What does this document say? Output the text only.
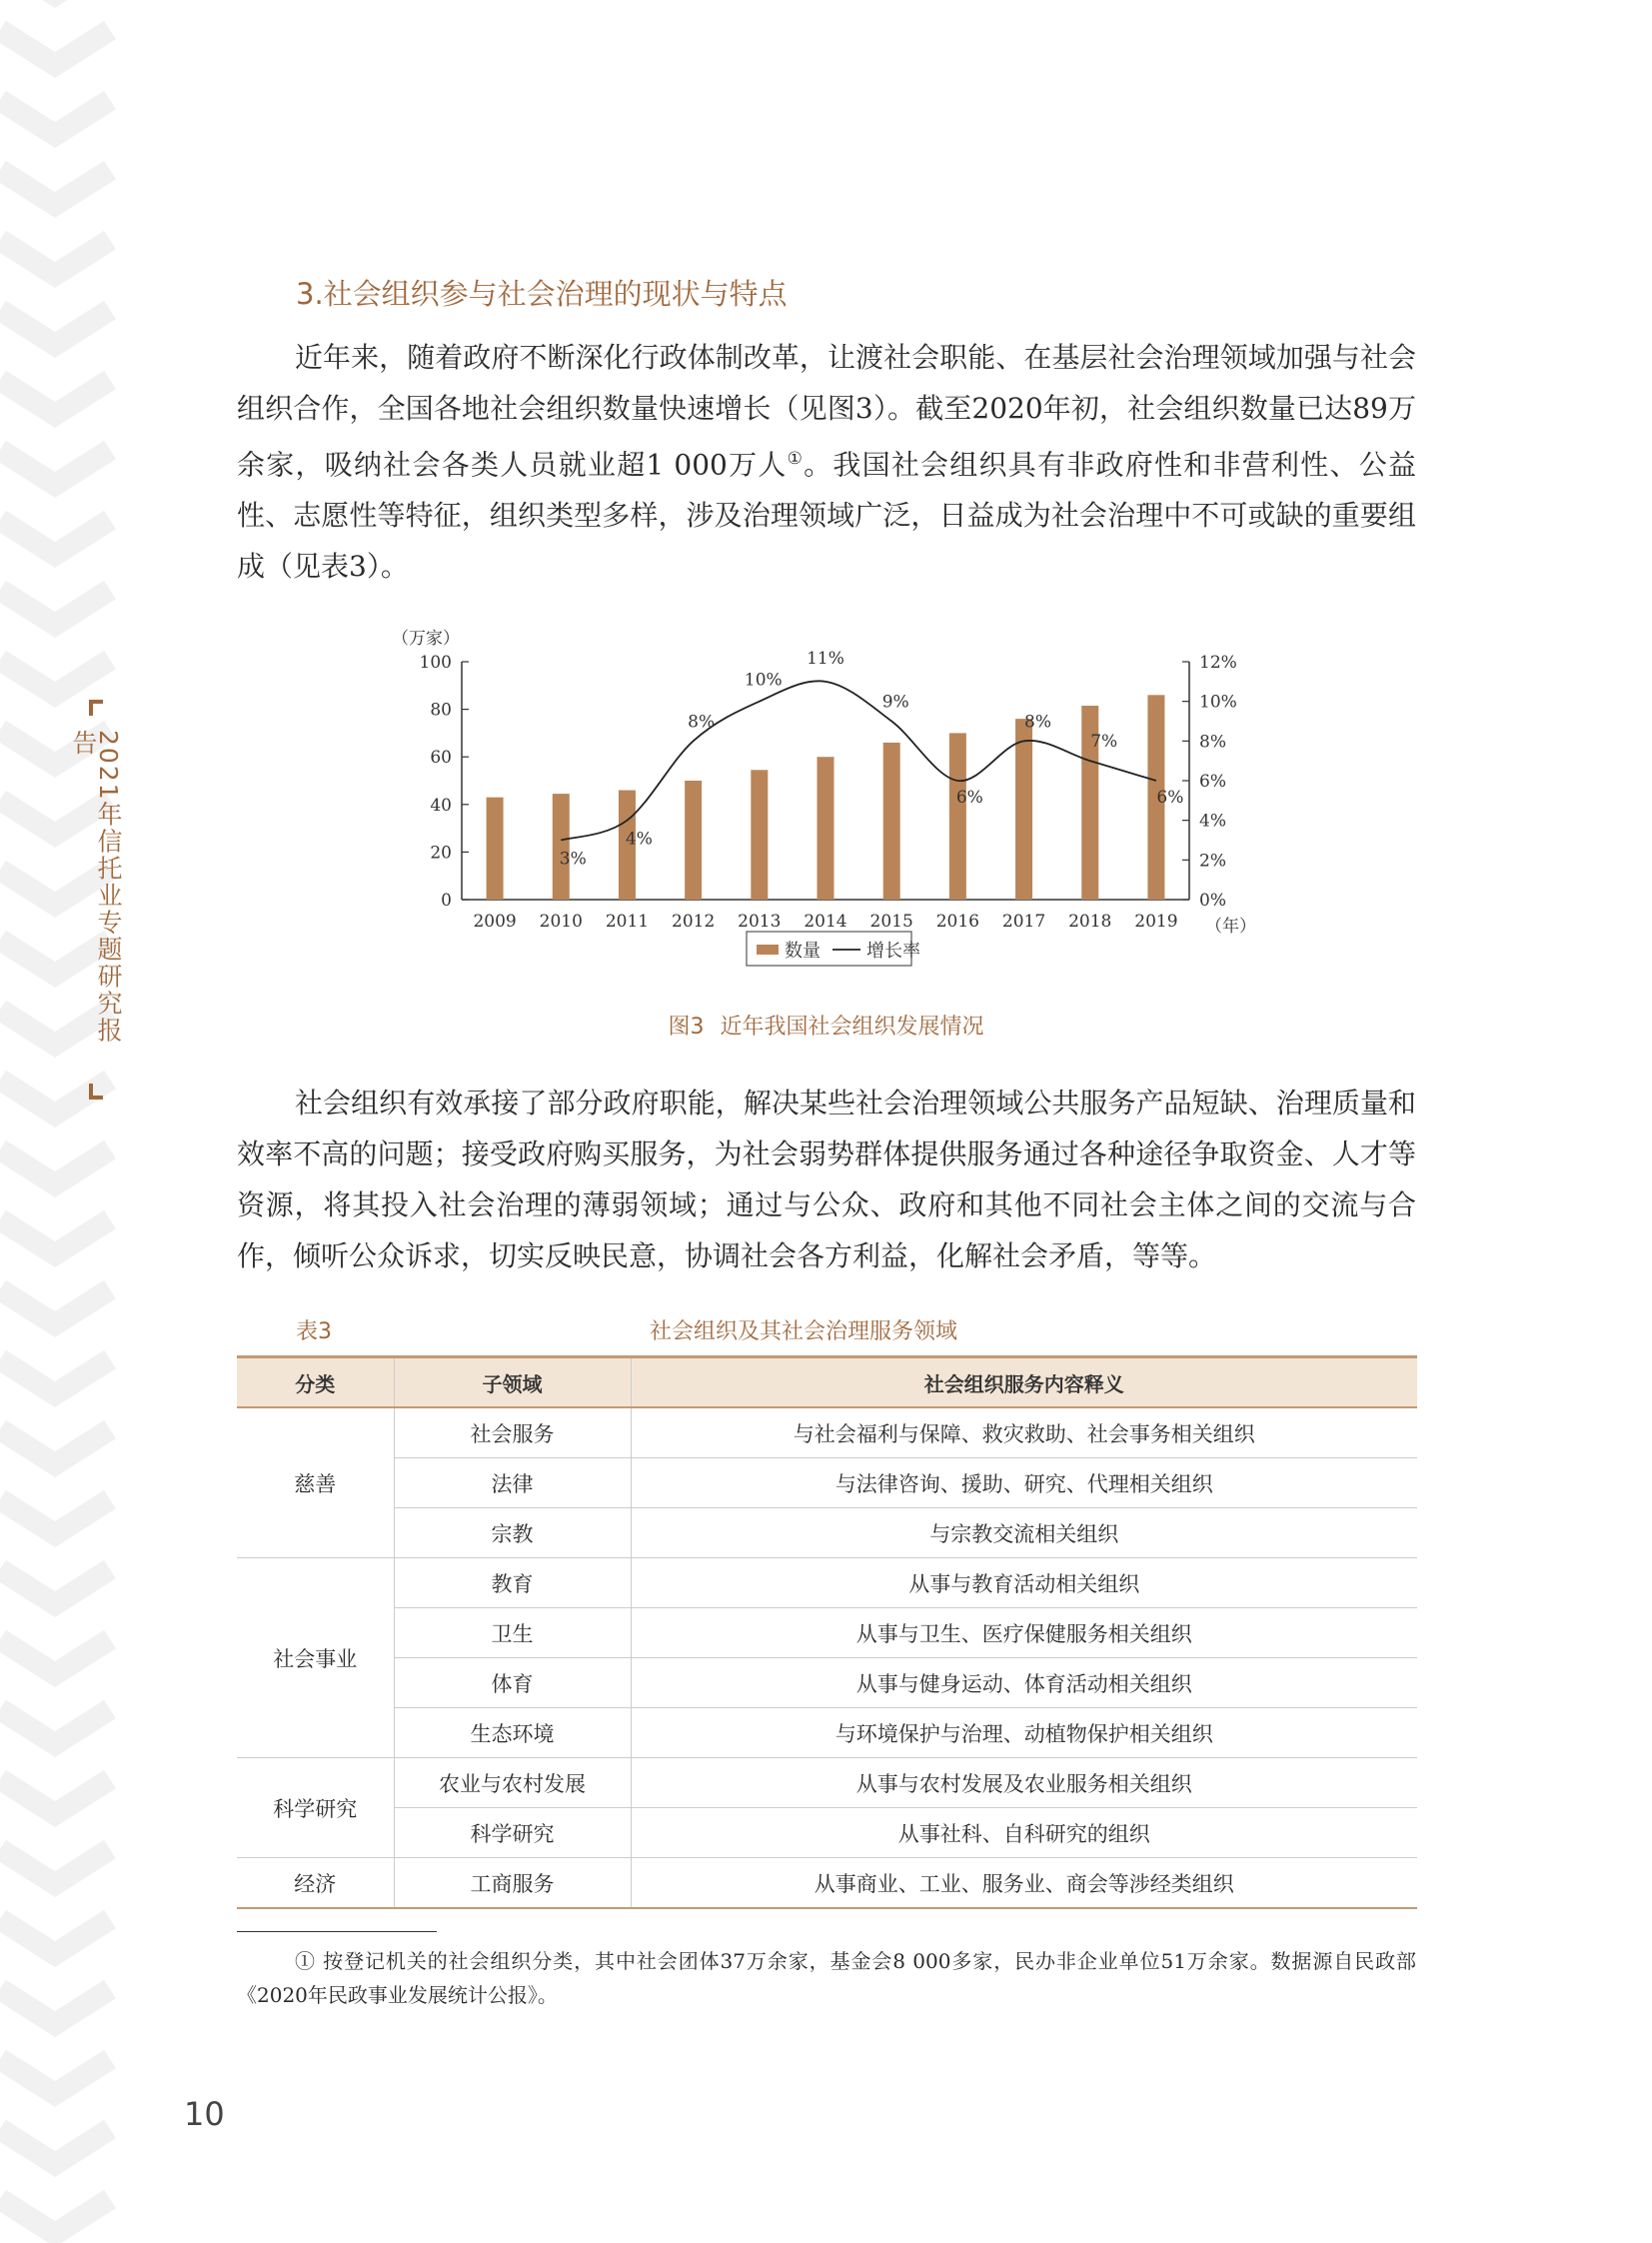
2021年信托业专题研究报告
3.社会组织参与社会治理的现状与特点

近年来，随着政府不断深化行政体制改革，让渡社会职能、在基层社会治理领域加强与社会组织合作，全国各地社会组织数量快速增长（见图3）。截至2020年初，社会组织数量已达89万余家，吸纳社会各类人员就业超1 000万人①。我国社会组织具有非政府性和非营利性、公益性、志愿性等特征，组织类型多样，涉及治理领域广泛，日益成为社会治理中不可或缺的重要组成（见表3）。

0
20
40
60
80
100
（万家）
0%
2%
4%
6%
8%
10%
12%
2009 2010 2011 2012 2013 2014 2015 2016 2017 2018 2019 （年）
3%
4%
8%
10%
11%
9%
6%
8%
7%
6%
数量	增长率
图3 近年我国社会组织发展情况

社会组织有效承接了部分政府职能，解决某些社会治理领域公共服务产品短缺、治理质量和效率不高的问题；接受政府购买服务，为社会弱势群体提供服务通过各种途径争取资金、人才等资源，将其投入社会治理的薄弱领域；通过与公众、政府和其他不同社会主体之间的交流与合作，倾听公众诉求，切实反映民意，协调社会各方利益，化解社会矛盾，等等。

表3	社会组织及其社会治理服务领域
分类	子领域	社会组织服务内容释义
慈善	社会服务	与社会福利与保障、救灾救助、社会事务相关组织
	法律	与法律咨询、援助、研究、代理相关组织
	宗教	与宗教交流相关组织
社会事业	教育	从事与教育活动相关组织
	卫生	从事与卫生、医疗保健服务相关组织
	体育	从事与健身运动、体育活动相关组织
	生态环境	与环境保护与治理、动植物保护相关组织
科学研究	农业与农村发展	从事与农村发展及农业服务相关组织
	科学研究	从事社科、自科研究的组织
经济	工商服务	从事商业、工业、服务业、商会等涉经类组织

① 按登记机关的社会组织分类，其中社会团体37万余家，基金会8 000多家，民办非企业单位51万余家。数据源自民政部《2020年民政事业发展统计公报》。

10
